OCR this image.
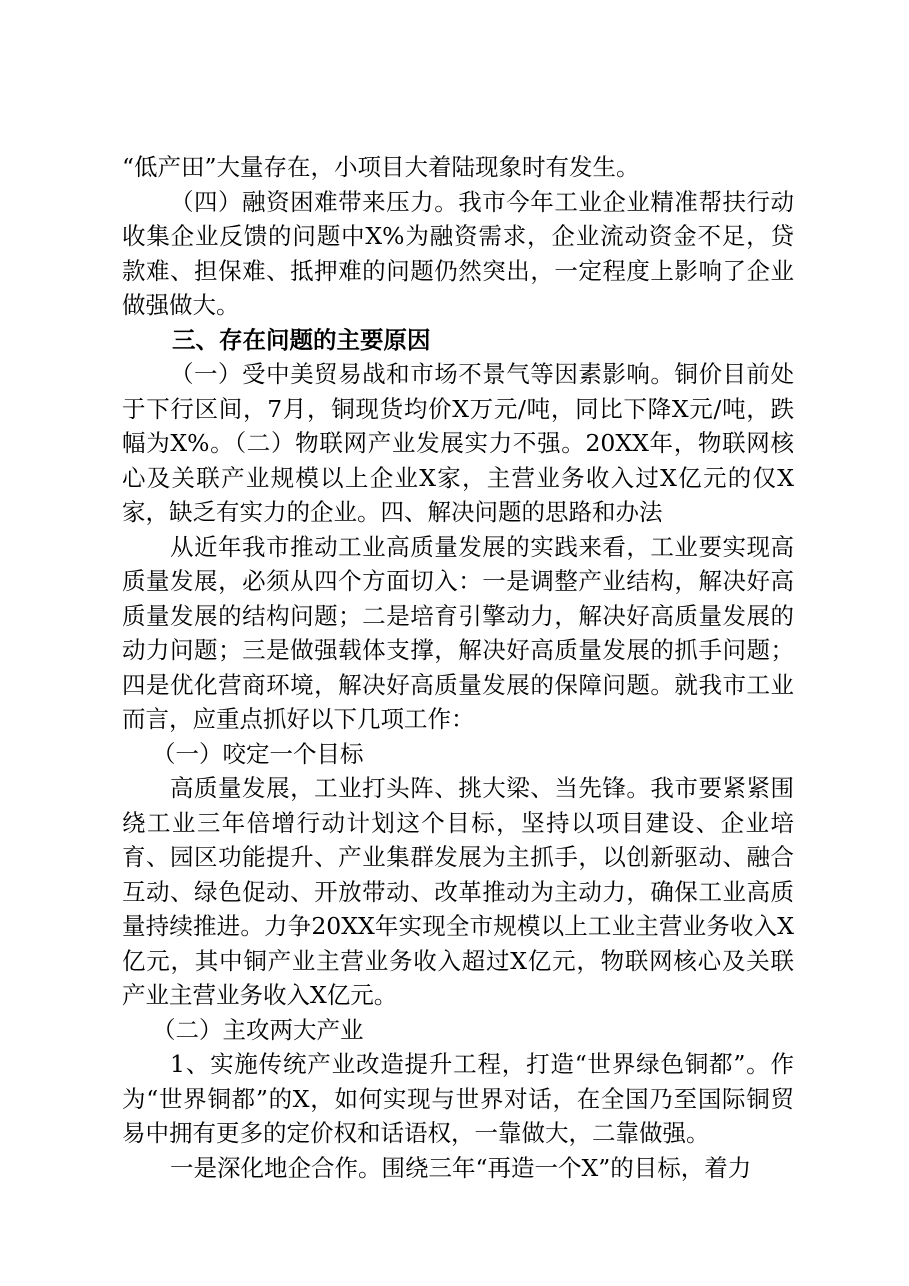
“低产田”大量存在，小项目大着陆现象时有发生。

（四）融资困难带来压力。我市今年工业企业精准帮扶行动收集企业反馈的问题中X%为融资需求，企业流动资金不足，贷款难、担保难、抵押难的问题仍然突出，一定程度上影响了企业做强做大。

三、存在问题的主要原因

（一）受中美贸易战和市场不景气等因素影响。铜价目前处于下行区间，7月，铜现货均价X万元/吨，同比下降X元/吨，跌幅为X%。（二）物联网产业发展实力不强。20XX年，物联网核心及关联产业规模以上企业X家，主营业务收入过X亿元的仅X家，缺乏有实力的企业。四、解决问题的思路和办法

从近年我市推动工业高质量发展的实践来看，工业要实现高质量发展，必须从四个方面切入：一是调整产业结构，解决好高质量发展的结构问题；二是培育引擎动力，解决好高质量发展的动力问题；三是做强载体支撑，解决好高质量发展的抓手问题；四是优化营商环境，解决好高质量发展的保障问题。就我市工业而言，应重点抓好以下几项工作：

（一）咬定一个目标

高质量发展，工业打头阵、挑大梁、当先锋。我市要紧紧围绕工业三年倍增行动计划这个目标，坚持以项目建设、企业培育、园区功能提升、产业集群发展为主抓手，以创新驱动、融合互动、绿色促动、开放带动、改革推动为主动力，确保工业高质量持续推进。力争20XX年实现全市规模以上工业主营业务收入X亿元，其中铜产业主营业务收入超过X亿元，物联网核心及关联产业主营业务收入X亿元。

（二）主攻两大产业

1、实施传统产业改造提升工程，打造“世界绿色铜都”。作为“世界铜都”的X，如何实现与世界对话，在全国乃至国际铜贸易中拥有更多的定价权和话语权，一靠做大，二靠做强。

一是深化地企合作。围绕三年“再造一个X”的目标，着力
